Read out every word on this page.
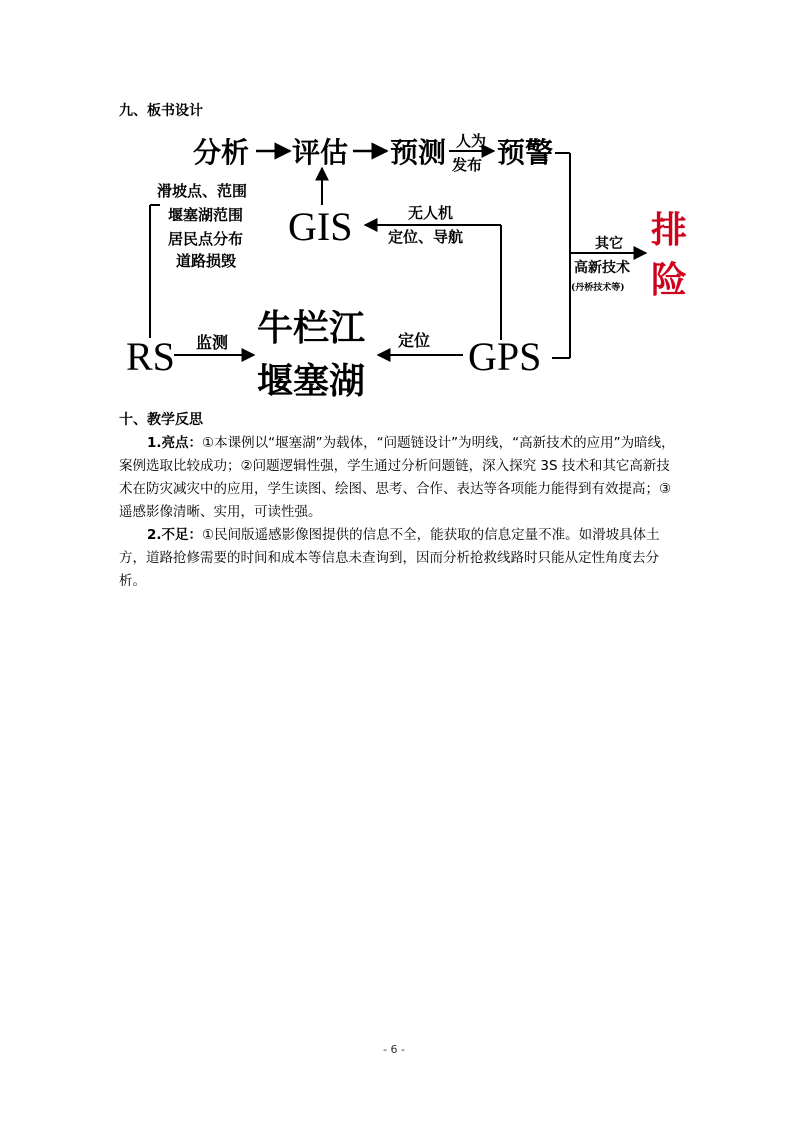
九、板书设计
分析 评估 预测 人为
发布 预警
GIS
滑坡点、范围
堰塞湖范围
居民点分布
道路损毁
无人机
定位、导航
RS	GPS
牛栏江
堰塞湖
监测	定位
其它
高新技术
(丹桥技术等)
排
险
十、教学反思

1.亮点：①本课例以“堰塞湖”为载体，“问题链设计”为明线，“高新技术的应用”为暗线，案例选取比较成功；②问题逻辑性强，学生通过分析问题链，深入探究 3S 技术和其它高新技术在防灾减灾中的应用，学生读图、绘图、思考、合作、表达等各项能力能得到有效提高；③遥感影像清晰、实用，可读性强。

2.不足：①民间版遥感影像图提供的信息不全，能获取的信息定量不准。如滑坡具体土方，道路抢修需要的时间和成本等信息未查询到，因而分析抢救线路时只能从定性角度去分析。

- 6 -
